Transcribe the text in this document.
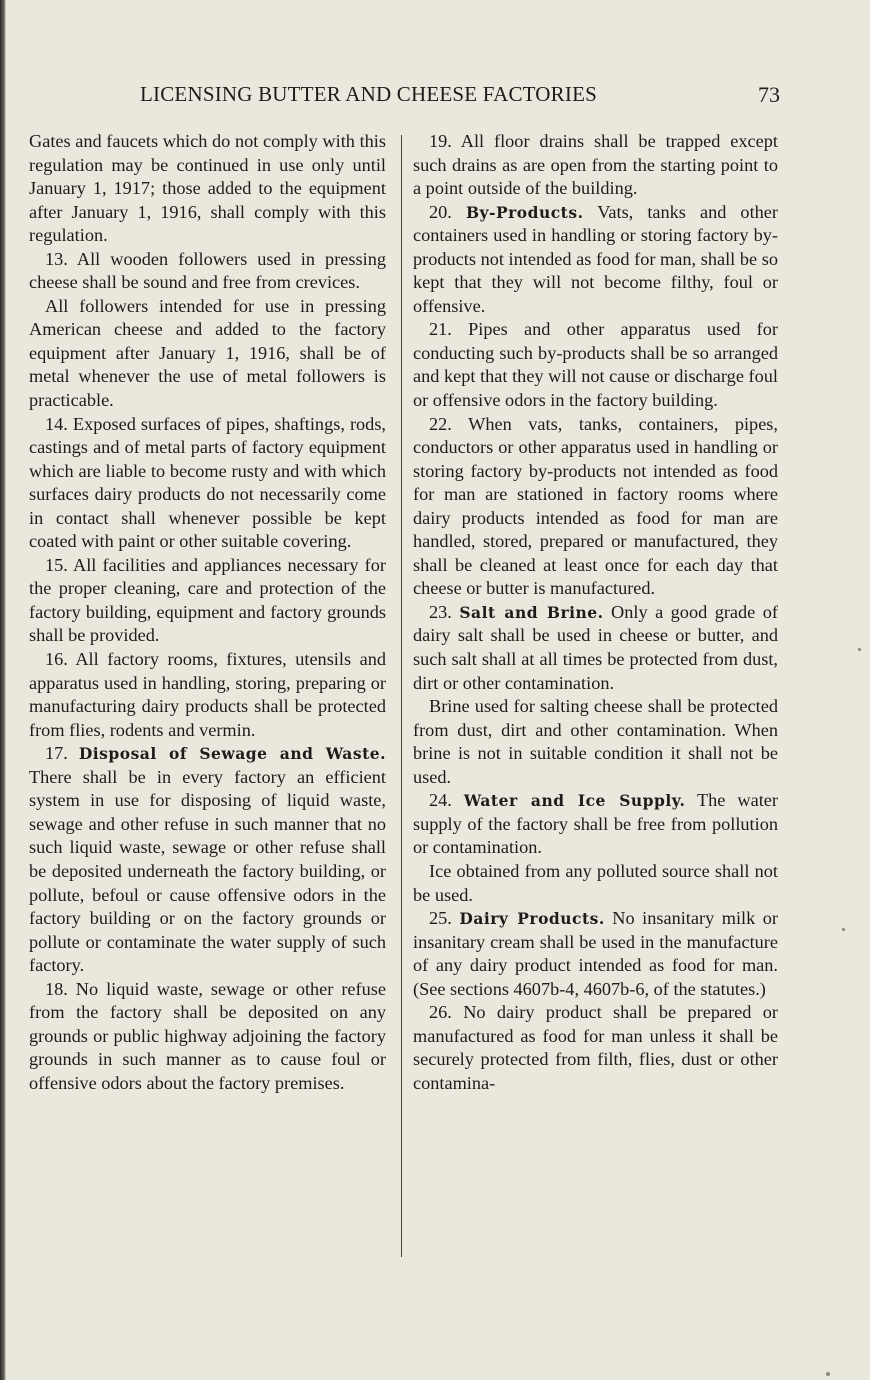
LICENSING BUTTER AND CHEESE FACTORIES	73

Gates and faucets which do not comply with this regulation may be continued in use only until January 1, 1917; those added to the equipment after January 1, 1916, shall comply with this regulation.

13. All wooden followers used in pressing cheese shall be sound and free from crevices.

All followers intended for use in pressing American cheese and added to the factory equipment after January 1, 1916, shall be of metal whenever the use of metal followers is practicable.

14. Exposed surfaces of pipes, shaftings, rods, castings and of metal parts of factory equipment which are liable to become rusty and with which surfaces dairy products do not necessarily come in contact shall whenever possible be kept coated with paint or other suitable covering.

15. All facilities and appliances necessary for the proper cleaning, care and protection of the factory building, equipment and factory grounds shall be provided.

16. All factory rooms, fixtures, utensils and apparatus used in handling, storing, preparing or manufacturing dairy products shall be protected from flies, rodents and vermin.

17. Disposal of Sewage and Waste. There shall be in every factory an efficient system in use for disposing of liquid waste, sewage and other refuse in such manner that no such liquid waste, sewage or other refuse shall be deposited underneath the factory building, or pollute, befoul or cause offensive odors in the factory building or on the factory grounds or pollute or contaminate the water supply of such factory.

18. No liquid waste, sewage or other refuse from the factory shall be deposited on any grounds or public highway adjoining the factory grounds in such manner as to cause foul or offensive odors about the factory premises.

19. All floor drains shall be trapped except such drains as are open from the starting point to a point outside of the building.

20. By-Products. Vats, tanks and other containers used in handling or storing factory by-products not intended as food for man, shall be so kept that they will not become filthy, foul or offensive.

21. Pipes and other apparatus used for conducting such by-products shall be so arranged and kept that they will not cause or discharge foul or offensive odors in the factory building.

22. When vats, tanks, containers, pipes, conductors or other apparatus used in handling or storing factory by-products not intended as food for man are stationed in factory rooms where dairy products intended as food for man are handled, stored, prepared or manufactured, they shall be cleaned at least once for each day that cheese or butter is manufactured.

23. Salt and Brine. Only a good grade of dairy salt shall be used in cheese or butter, and such salt shall at all times be protected from dust, dirt or other contamination.

Brine used for salting cheese shall be protected from dust, dirt and other contamination. When brine is not in suitable condition it shall not be used.

24. Water and Ice Supply. The water supply of the factory shall be free from pollution or contamination.

Ice obtained from any polluted source shall not be used.

25. Dairy Products. No insanitary milk or insanitary cream shall be used in the manufacture of any dairy product intended as food for man. (See sections 4607b-4, 4607b-6, of the statutes.)

26. No dairy product shall be prepared or manufactured as food for man unless it shall be securely protected from filth, flies, dust or other contamina-
